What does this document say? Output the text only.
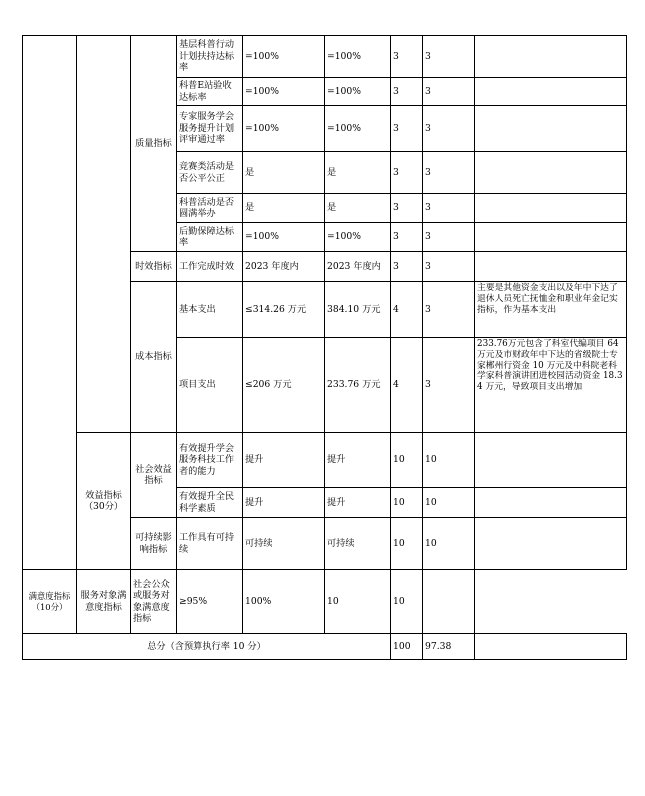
		质量指标	基层科普行动计划扶持达标率	=100%	=100%	3	3	
			科普E站验收达标率	=100%	=100%	3	3	
			专家服务学会服务提升计划评审通过率	=100%	=100%	3	3	
			竞赛类活动是否公平公正	是	是	3	3	
			科普活动是否圆满举办	是	是	3	3	
			后勤保障达标率	=100%	=100%	3	3	
		时效指标	工作完成时效	2023 年度内	2023 年度内	3	3	
		成本指标	基本支出	≤314.26 万元	384.10 万元	4	3	主要是其他资金支出以及年中下达了退休人员死亡抚恤金和职业年金记实指标，作为基本支出
			项目支出	≤206 万元	233.76 万元	4	3	233.76万元包含了科室代编项目 64 万元及市财政年中下达的省级院士专家郴州行资金 10 万元及中科院老科学家科普演讲团进校园活动资金 18.34 万元，导致项目支出增加
	效益指标（30分）	社会效益指标	有效提升学会服务科技工作者的能力	提升	提升	10	10	
			有效提升全民科学素质	提升	提升	10	10	
		可持续影响指标	工作具有可持续	可持续	可持续	10	10	
满意度指标（10分）	服务对象满意度指标	社会公众或服务对象满意度指标	≥95%	100%	10	10		
总分（含预算执行率 10 分）						100	97.38	
